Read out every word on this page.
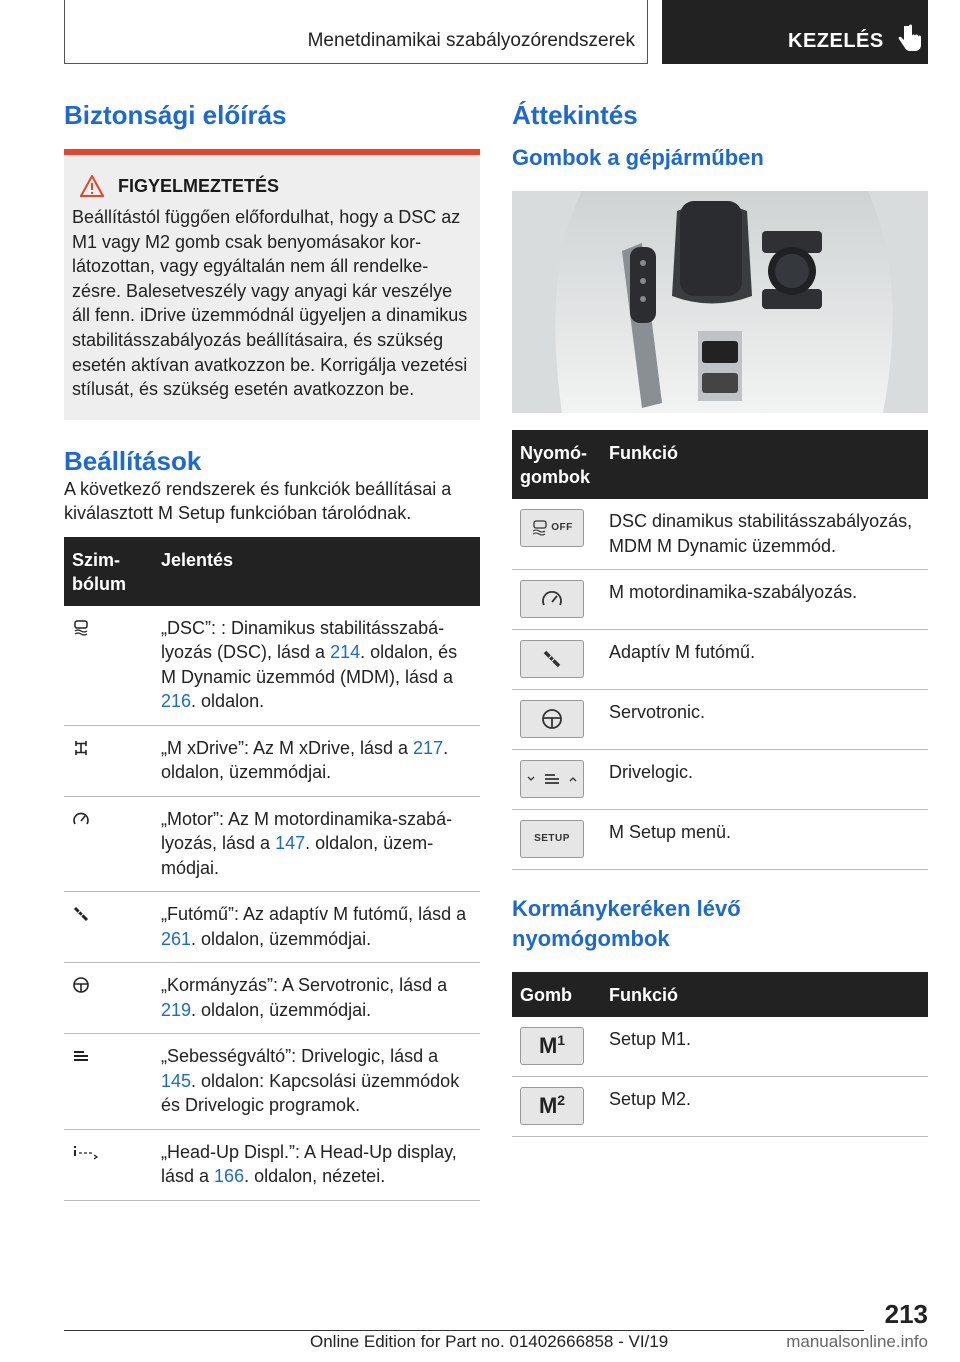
Menetdinamikai szabályozórendszerek	KEZELÉS
Biztonsági előírás
FIGYELMEZTETÉS
Beállítástól függően előfordulhat, hogy a DSC az M1 vagy M2 gomb csak benyomásakor korlátozottan, vagy egyáltalán nem áll rendelkezésre. Balesetveszély vagy anyagi kár veszélye áll fenn. iDrive üzemmódnál ügyeljen a dinamikus stabilitásszabályozás beállításaira, és szükség esetén aktívan avatkozzon be. Korrigálja vezetési stílusát, és szükség esetén avatkozzon be.
Beállítások

A következő rendszerek és funkciók beállításai a kiválasztott M Setup funkcióban tárolódnak.

Szimbólum	Jelentés
	„DSC”: : Dinamikus stabilitásszabályozás (DSC), lásd a 214. oldalon, és M Dynamic üzemmód (MDM), lásd a 216. oldalon.
	„M xDrive”: Az M xDrive, lásd a 217. oldalon, üzemmódjai.
	„Motor”: Az M motordinamika-szabályozás, lásd a 147. oldalon, üzemmódjai.
	„Futómű”: Az adaptív M futómű, lásd a 261. oldalon, üzemmódjai.
	„Kormányzás”: A Servotronic, lásd a 219. oldalon, üzemmódjai.
	„Sebességváltó”: Drivelogic, lásd a 145. oldalon: Kapcsolási üzemmódok és Drivelogic programok.
	„Head-Up Displ.”: A Head-Up display, lásd a 166. oldalon, nézetei.
Áttekintés
Gombok a gépjárműben
Nyomógombok	Funkció

OFF	DSC dinamikus stabilitásszabályozás, MDM M Dynamic üzemmód.

	M motordinamika-szabályozás.

	Adaptív M futómű.

	Servotronic.

	Drivelogic.

SETUP	M Setup menü.
Kormánykeréken lévő nyomógombok
Gomb	Funkció

M 1	Setup M1.

M 2	Setup M2.
213
Online Edition for Part no. 01402666858 - VI/19	manualsonline.info
